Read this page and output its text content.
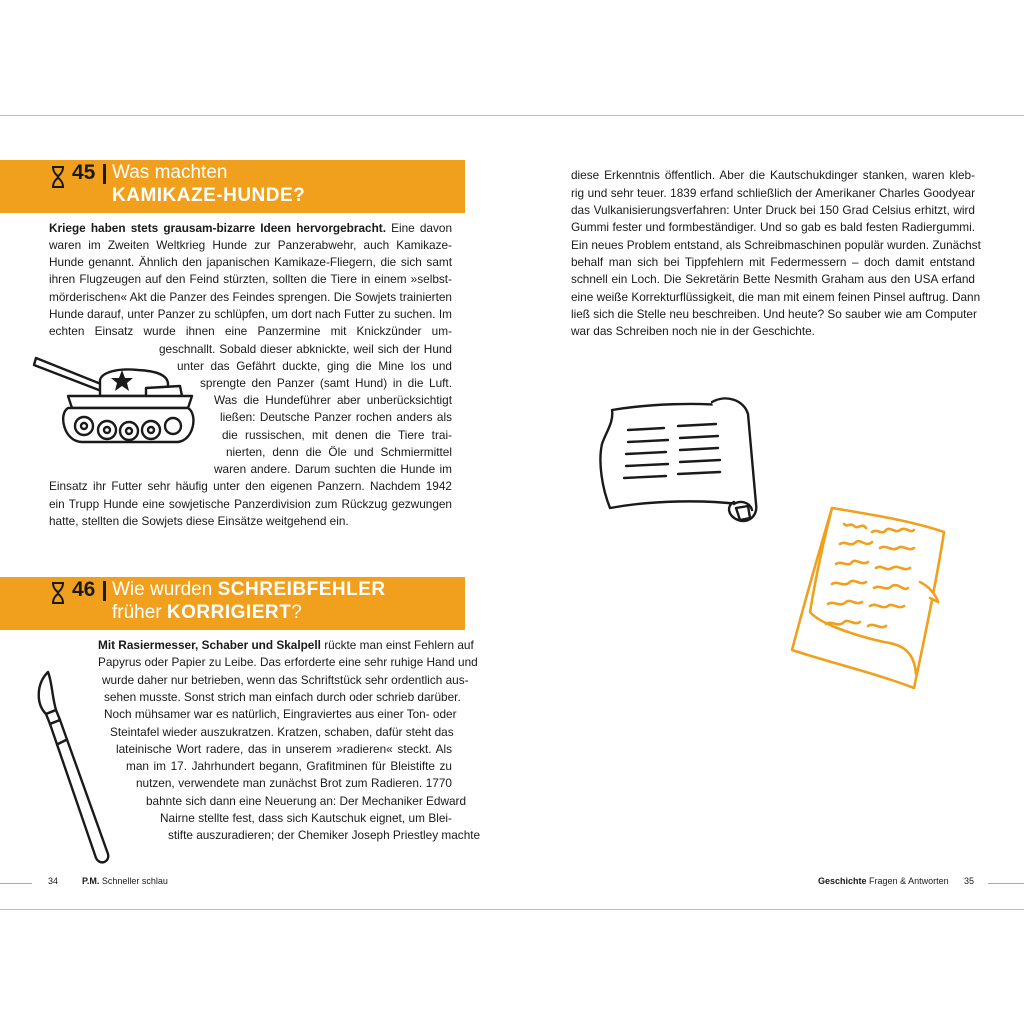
45 Was machten
KAMIKAZE-HUNDE?
Kriege haben stets grausam-bizarre Ideen hervorgebracht. Eine davon
waren im Zweiten Weltkrieg Hunde zur Panzerabwehr, auch Kamikaze-
Hunde genannt. Ähnlich den japanischen Kamikaze-Fliegern, die sich samt
ihren Flugzeugen auf den Feind stürzten, sollten die Tiere in einem »selbst-
mörderischen« Akt die Panzer des Feindes sprengen. Die Sowjets trainierten
Hunde darauf, unter Panzer zu schlüpfen, um dort nach Futter zu suchen. Im
echten Einsatz wurde ihnen eine Panzermine mit Knickzünder um-
geschnallt. Sobald dieser abknickte, weil sich der Hund
unter das Gefährt duckte, ging die Mine los und
sprengte den Panzer (samt Hund) in die Luft.
Was die Hundeführer aber unberücksichtigt
ließen: Deutsche Panzer rochen anders als
die russischen, mit denen die Tiere trai-
nierten, denn die Öle und Schmiermittel
waren andere. Darum suchten die Hunde im
Einsatz ihr Futter sehr häufig unter den eigenen Panzern. Nachdem 1942
ein Trupp Hunde eine sowjetische Panzerdivision zum Rückzug gezwungen
hatte, stellten die Sowjets diese Einsätze weitgehend ein.
46 Wie wurden SCHREIBFEHLER
früher KORRIGIERT?
Mit Rasiermesser, Schaber und Skalpell rückte man einst Fehlern auf
Papyrus oder Papier zu Leibe. Das erforderte eine sehr ruhige Hand und
wurde daher nur betrieben, wenn das Schriftstück sehr ordentlich aus-
sehen musste. Sonst strich man einfach durch oder schrieb darüber.
Noch mühsamer war es natürlich, Eingraviertes aus einer Ton- oder
Steintafel wieder auszukratzen. Kratzen, schaben, dafür steht das
lateinische Wort radere, das in unserem »radieren« steckt. Als
man im 17. Jahrhundert begann, Grafitminen für Bleistifte zu
nutzen, verwendete man zunächst Brot zum Radieren. 1770
bahnte sich dann eine Neuerung an: Der Mechaniker Edward
Nairne stellte fest, dass sich Kautschuk eignet, um Blei-
stifte auszuradieren; der Chemiker Joseph Priestley machte
diese Erkenntnis öffentlich. Aber die Kautschukdinger stanken, waren kleb-
rig und sehr teuer. 1839 erfand schließlich der Amerikaner Charles Goodyear
das Vulkanisierungsverfahren: Unter Druck bei 150 Grad Celsius erhitzt, wird
Gummi fester und formbeständiger. Und so gab es bald festen Radiergummi.
Ein neues Problem entstand, als Schreibmaschinen populär wurden. Zunächst
behalf man sich bei Tippfehlern mit Federmessern – doch damit entstand
schnell ein Loch. Die Sekretärin Bette Nesmith Graham aus den USA erfand
eine weiße Korrekturflüssigkeit, die man mit einem feinen Pinsel auftrug. Dann
ließ sich die Stelle neu beschreiben. Und heute? So sauber wie am Computer
war das Schreiben noch nie in der Geschichte.
34	P.M. Schneller schlau	Geschichte Fragen & Antworten 35
